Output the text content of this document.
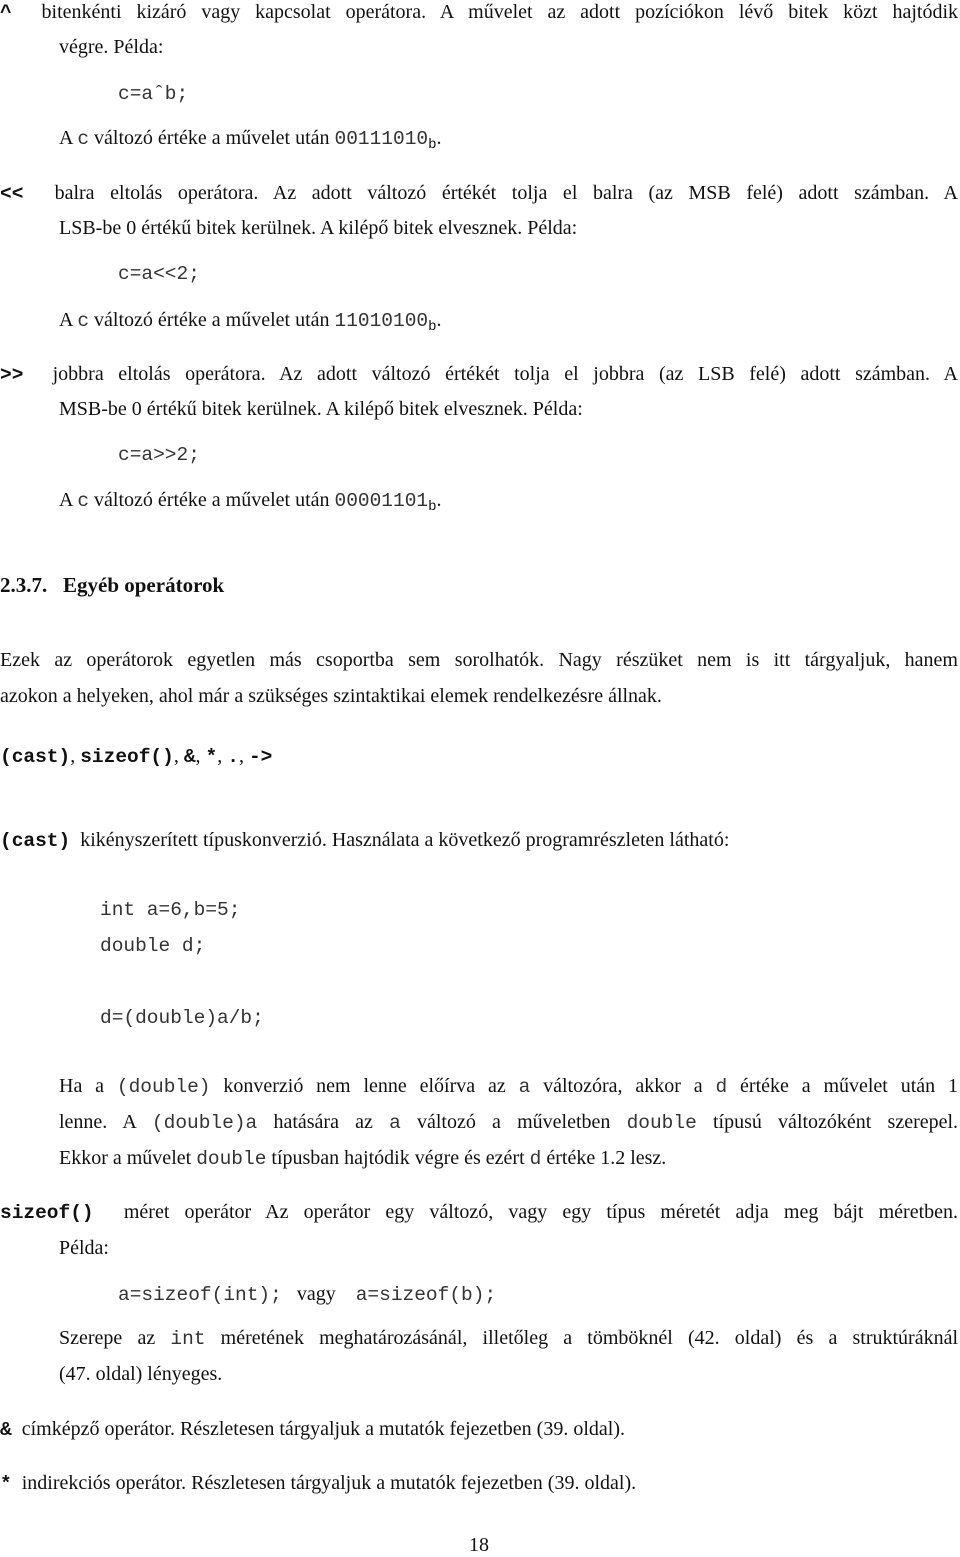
^ bitenkénti kizáró vagy kapcsolat operátora. A művelet az adott pozíciókon lévő bitek közt hajtódik
végre. Példa:
c=aˆb;
A c változó értéke a művelet után $00111010_b$.
<< balra eltolás operátora. Az adott változó értékét tolja el balra (az MSB felé) adott számban. A
LSB-be 0 értékű bitek kerülnek. A kilépő bitek elvesznek. Példa:
c=a<<2;
A c változó értéke a művelet után $11010100_b$.
>> jobbra eltolás operátora. Az adott változó értékét tolja el jobbra (az LSB felé) adott számban. A
MSB-be 0 értékű bitek kerülnek. A kilépő bitek elvesznek. Példa:
c=a>>2;
A c változó értéke a művelet után $00001101_b$.
2.3.7. Egyéb operátorok
Ezek az operátorok egyetlen más csoportba sem sorolhatók. Nagy részüket nem is itt tárgyaljuk, hanem
azokon a helyeken, ahol már a szükséges szintaktikai elemek rendelkezésre állnak.
(cast), sizeof(), &, *, ., ->
(cast) kikényszerített típuskonverzió. Használata a következő programrészleten látható:
int a=6,b=5;
double d;
d=(double)a/b;
Ha a (double) konverzió nem lenne előírva az a változóra, akkor a d értéke a művelet után 1
lenne. A (double)a hatására az a változó a műveletben double típusú változóként szerepel.
Ekkor a művelet double típusban hajtódik végre és ezért d értéke 1.2 lesz.
sizeof() méret operátor Az operátor egy változó, vagy egy típus méretét adja meg bájt méretben.
Példa:
a=sizeof(int); vagy a=sizeof(b);
Szerepe az int méretének meghatározásánál, illetőleg a tömböknél (42. oldal) és a struktúráknál
(47. oldal) lényeges.
& címképző operátor. Részletesen tárgyaljuk a mutatók fejezetben (39. oldal).
* indirekciós operátor. Részletesen tárgyaljuk a mutatók fejezetben (39. oldal).
18
